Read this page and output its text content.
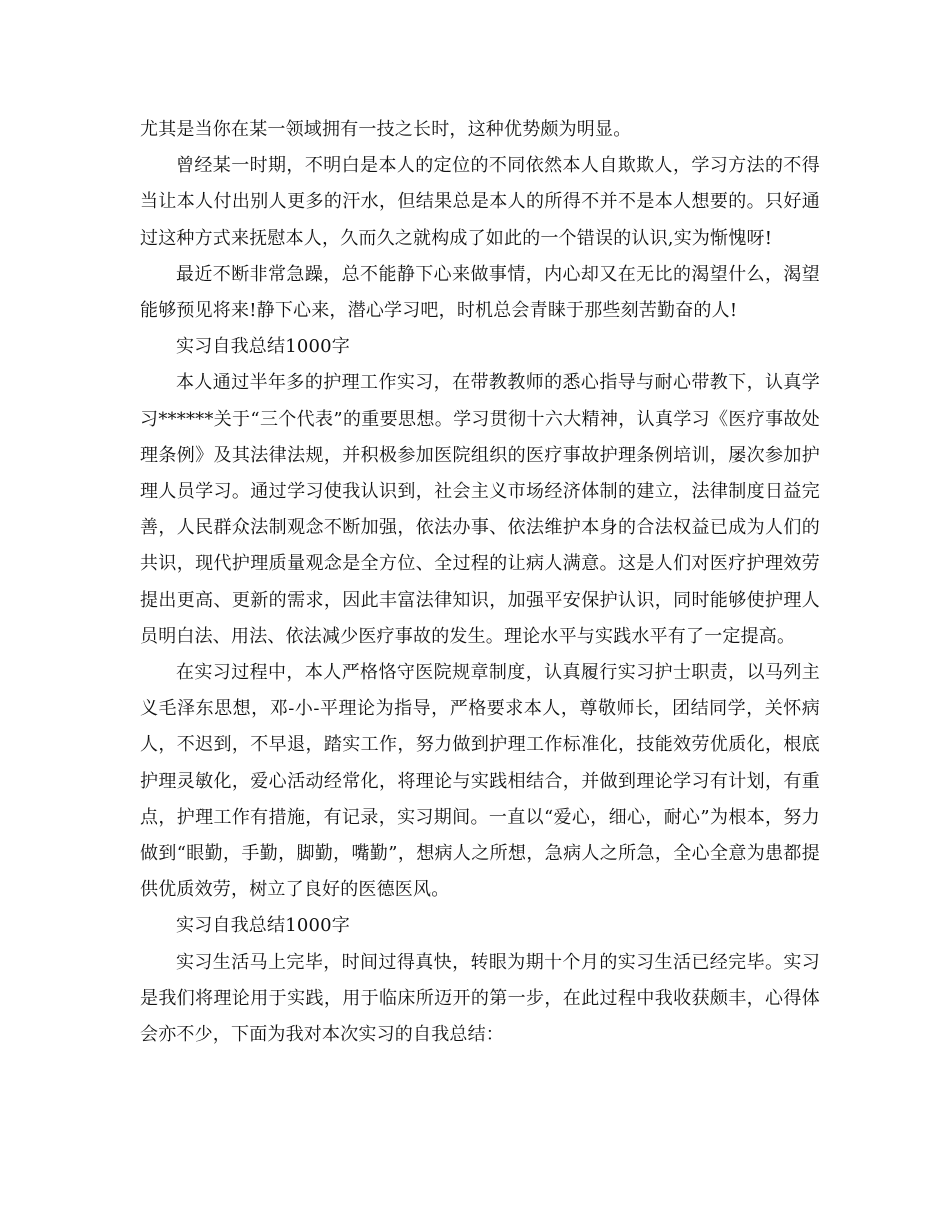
尤其是当你在某一领域拥有一技之长时，这种优势颇为明显。

曾经某一时期，不明白是本人的定位的不同依然本人自欺欺人，学习方法的不得当让本人付出别人更多的汗水，但结果总是本人的所得不并不是本人想要的。只好通过这种方式来抚慰本人，久而久之就构成了如此的一个错误的认识,实为惭愧呀!

最近不断非常急躁，总不能静下心来做事情，内心却又在无比的渴望什么，渴望能够预见将来!静下心来，潜心学习吧，时机总会青睐于那些刻苦勤奋的人!

实习自我总结1000字

本人通过半年多的护理工作实习，在带教教师的悉心指导与耐心带教下，认真学习******关于“三个代表”的重要思想。学习贯彻十六大精神，认真学习《医疗事故处理条例》及其法律法规，并积极参加医院组织的医疗事故护理条例培训，屡次参加护理人员学习。通过学习使我认识到，社会主义市场经济体制的建立，法律制度日益完善，人民群众法制观念不断加强，依法办事、依法维护本身的合法权益已成为人们的共识，现代护理质量观念是全方位、全过程的让病人满意。这是人们对医疗护理效劳提出更高、更新的需求，因此丰富法律知识，加强平安保护认识，同时能够使护理人员明白法、用法、依法减少医疗事故的发生。理论水平与实践水平有了一定提高。

在实习过程中，本人严格恪守医院规章制度，认真履行实习护士职责，以马列主义毛泽东思想，邓-小-平理论为指导，严格要求本人，尊敬师长，团结同学，关怀病人，不迟到，不早退，踏实工作，努力做到护理工作标准化，技能效劳优质化，根底护理灵敏化，爱心活动经常化，将理论与实践相结合，并做到理论学习有计划，有重点，护理工作有措施，有记录，实习期间。一直以“爱心，细心，耐心”为根本，努力做到“眼勤，手勤，脚勤，嘴勤”，想病人之所想，急病人之所急，全心全意为患都提供优质效劳，树立了良好的医德医风。

实习自我总结1000字

实习生活马上完毕，时间过得真快，转眼为期十个月的实习生活已经完毕。实习是我们将理论用于实践，用于临床所迈开的第一步，在此过程中我收获颇丰，心得体会亦不少，下面为我对本次实习的自我总结：
